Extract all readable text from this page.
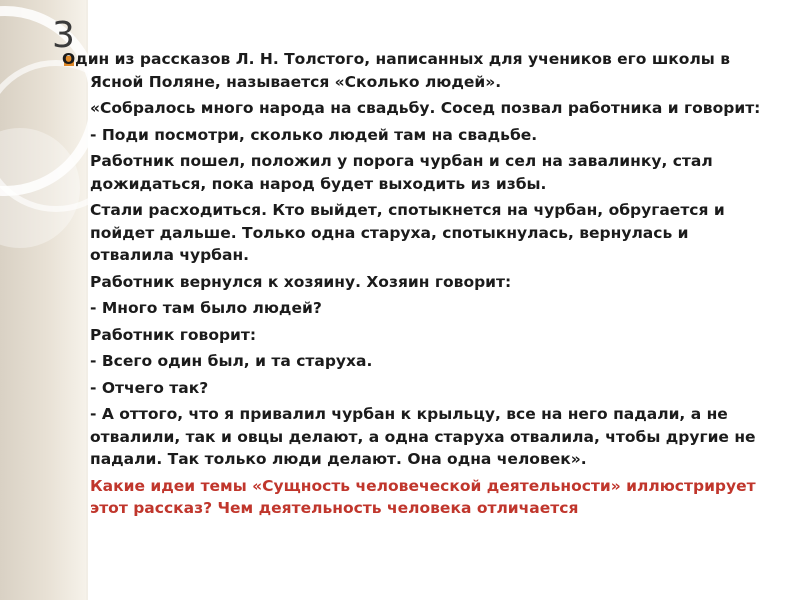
3

Один из рассказов Л. Н. Толстого, написанных для учеников его школы в Ясной Поляне, называется «Сколько людей».

«Собралось много народа на свадьбу. Сосед позвал работника и говорит:

- Поди посмотри, сколько людей там на свадьбе.

Работник пошел, положил у порога чурбан и сел на завалинку, стал дожидаться, пока народ будет выходить из избы.

Стали расходиться. Кто выйдет, спотыкнется на чурбан, обругается и пойдет дальше. Только одна старуха, спотыкнулась, вернулась и отвалила чурбан.

Работник вернулся к хозяину. Хозяин говорит:

- Много там было людей?

Работник говорит:

- Всего один был, и та старуха.

- Отчего так?

- А оттого, что я привалил чурбан к крыльцу, все на него падали, а не отвалили, так и овцы делают, а одна старуха отвалила, чтобы другие не падали. Так только люди делают. Она одна человек».

Какие идеи темы «Сущность человеческой деятельности» иллюстрирует этот рассказ? Чем деятельность человека отличается
